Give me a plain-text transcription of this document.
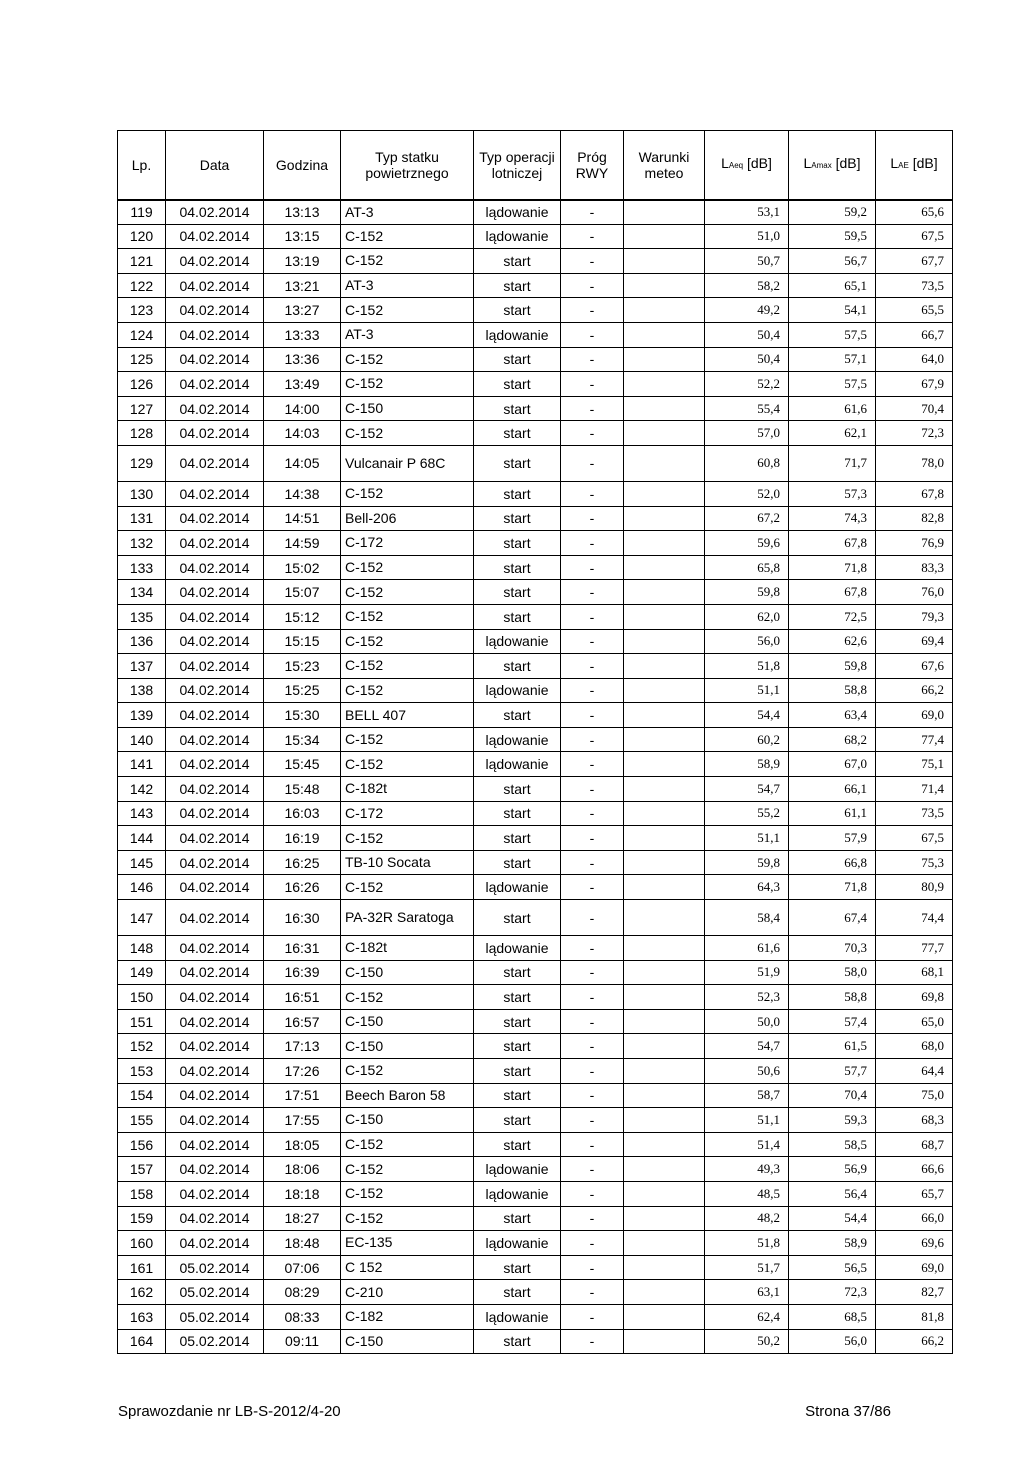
Lp.	Data	Godzina	Typ statku powietrznego	Typ operacji lotniczej	Próg RWY	Warunki meteo	LAeq [dB]	LAmax [dB]	LAE [dB]
119	04.02.2014	13:13	AT-3	lądowanie	-		53,1	59,2	65,6
120	04.02.2014	13:15	C-152	lądowanie	-		51,0	59,5	67,5
121	04.02.2014	13:19	C-152	start	-		50,7	56,7	67,7
122	04.02.2014	13:21	AT-3	start	-		58,2	65,1	73,5
123	04.02.2014	13:27	C-152	start	-		49,2	54,1	65,5
124	04.02.2014	13:33	AT-3	lądowanie	-		50,4	57,5	66,7
125	04.02.2014	13:36	C-152	start	-		50,4	57,1	64,0
126	04.02.2014	13:49	C-152	start	-		52,2	57,5	67,9
127	04.02.2014	14:00	C-150	start	-		55,4	61,6	70,4
128	04.02.2014	14:03	C-152	start	-		57,0	62,1	72,3
129	04.02.2014	14:05	Vulcanair P 68C	start	-		60,8	71,7	78,0
130	04.02.2014	14:38	C-152	start	-		52,0	57,3	67,8
131	04.02.2014	14:51	Bell-206	start	-		67,2	74,3	82,8
132	04.02.2014	14:59	C-172	start	-		59,6	67,8	76,9
133	04.02.2014	15:02	C-152	start	-		65,8	71,8	83,3
134	04.02.2014	15:07	C-152	start	-		59,8	67,8	76,0
135	04.02.2014	15:12	C-152	start	-		62,0	72,5	79,3
136	04.02.2014	15:15	C-152	lądowanie	-		56,0	62,6	69,4
137	04.02.2014	15:23	C-152	start	-		51,8	59,8	67,6
138	04.02.2014	15:25	C-152	lądowanie	-		51,1	58,8	66,2
139	04.02.2014	15:30	BELL 407	start	-		54,4	63,4	69,0
140	04.02.2014	15:34	C-152	lądowanie	-		60,2	68,2	77,4
141	04.02.2014	15:45	C-152	lądowanie	-		58,9	67,0	75,1
142	04.02.2014	15:48	C-182t	start	-		54,7	66,1	71,4
143	04.02.2014	16:03	C-172	start	-		55,2	61,1	73,5
144	04.02.2014	16:19	C-152	start	-		51,1	57,9	67,5
145	04.02.2014	16:25	TB-10 Socata	start	-		59,8	66,8	75,3
146	04.02.2014	16:26	C-152	lądowanie	-		64,3	71,8	80,9
147	04.02.2014	16:30	PA-32R Saratoga	start	-		58,4	67,4	74,4
148	04.02.2014	16:31	C-182t	lądowanie	-		61,6	70,3	77,7
149	04.02.2014	16:39	C-150	start	-		51,9	58,0	68,1
150	04.02.2014	16:51	C-152	start	-		52,3	58,8	69,8
151	04.02.2014	16:57	C-150	start	-		50,0	57,4	65,0
152	04.02.2014	17:13	C-150	start	-		54,7	61,5	68,0
153	04.02.2014	17:26	C-152	start	-		50,6	57,7	64,4
154	04.02.2014	17:51	Beech Baron 58	start	-		58,7	70,4	75,0
155	04.02.2014	17:55	C-150	start	-		51,1	59,3	68,3
156	04.02.2014	18:05	C-152	start	-		51,4	58,5	68,7
157	04.02.2014	18:06	C-152	lądowanie	-		49,3	56,9	66,6
158	04.02.2014	18:18	C-152	lądowanie	-		48,5	56,4	65,7
159	04.02.2014	18:27	C-152	start	-		48,2	54,4	66,0
160	04.02.2014	18:48	EC-135	lądowanie	-		51,8	58,9	69,6
161	05.02.2014	07:06	C 152	start	-		51,7	56,5	69,0
162	05.02.2014	08:29	C-210	start	-		63,1	72,3	82,7
163	05.02.2014	08:33	C-182	lądowanie	-		62,4	68,5	81,8
164	05.02.2014	09:11	C-150	start	-		50,2	56,0	66,2
Sprawozdanie nr LB-S-2012/4-20	Strona 37/86
